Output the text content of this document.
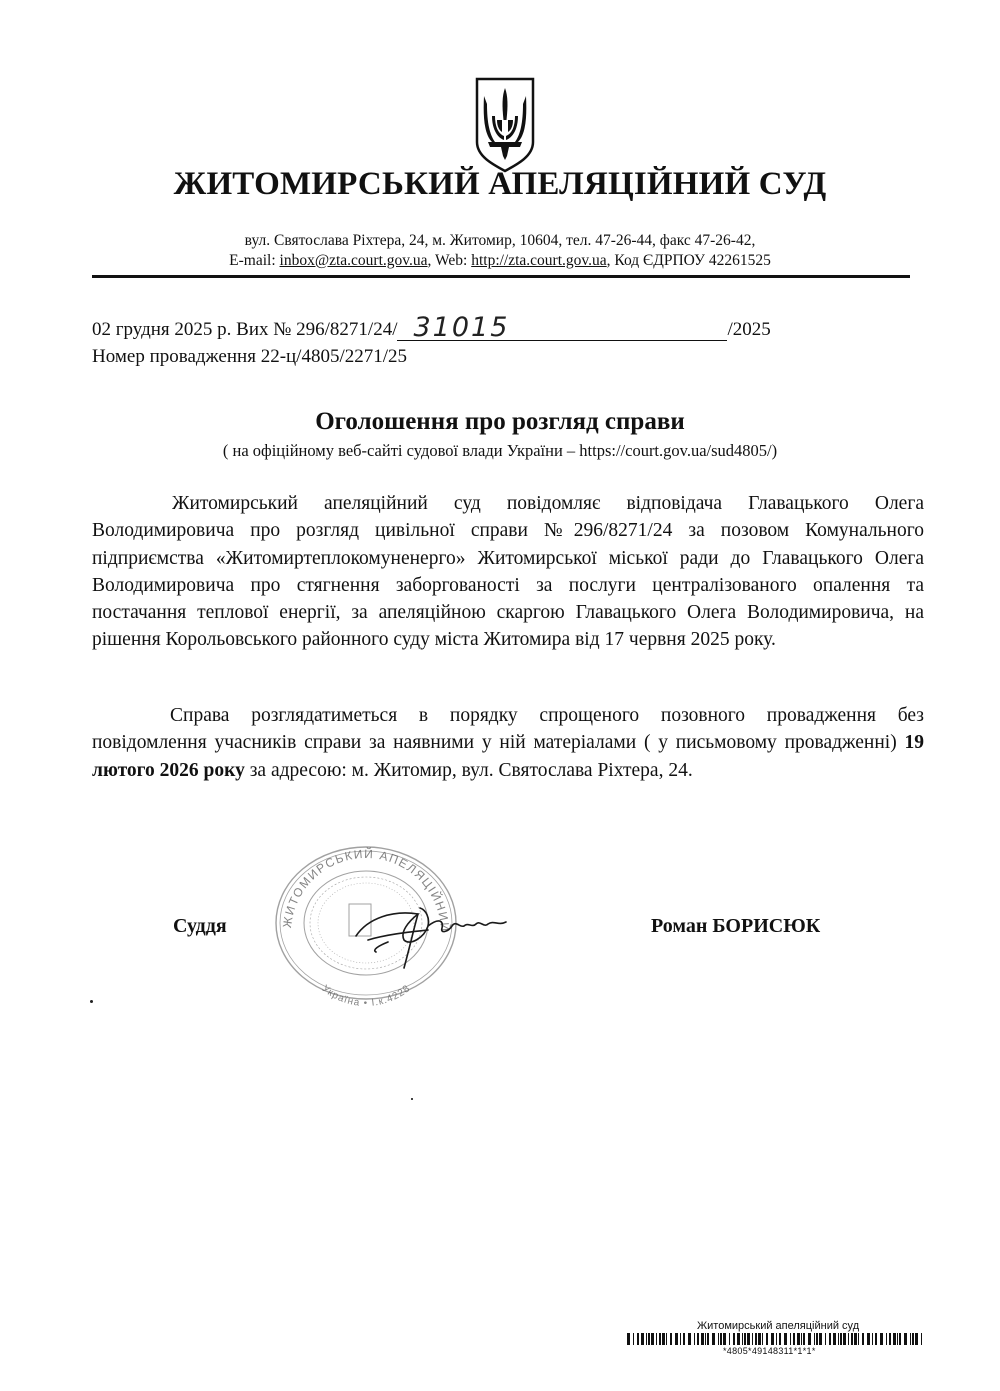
ЖИТОМИРСЬКИЙ АПЕЛЯЦІЙНИЙ СУД
вул. Святослава Ріхтера, 24, м. Житомир, 10604, тел. 47-26-44, факс 47-26-42,
E-mail: inbox@zta.court.gov.ua, Web: http://zta.court.gov.ua, Код ЄДРПОУ 42261525
02 грудня 2025 р. Вих № 296/8271/24/ 31015	/2025
Номер провадження 22-ц/4805/2271/25
Оголошення про розгляд справи
( на офіційному веб-сайті судової влади України – https://court.gov.ua/sud4805/)
Житомирський апеляційний суд повідомляє відповідача Главацького Олега Володимировича про розгляд цивільної справи №296/8271/24 за позовом Комунального підприємства «Житомиртеплокомуненерго» Житомирської міської ради до Главацького Олега Володимировича про стягнення заборгованості за послуги централізованого опалення та постачання теплової енергії, за апеляційною скаргою Главацького Олега Володимировича, на рішення Корольовського районного суду міста Житомира від 17 червня 2025 року.
Справа розглядатиметься в порядку спрощеного позовного провадження без повідомлення учасників справи за наявними у ній матеріалами ( у письмовому провадженні) 19 лютого 2026 року за адресою: м. Житомир, вул. Святослава Ріхтера, 24.
ЖИТОМИРСЬКИЙ АПЕЛЯЦІЙНИЙ
Україна • І.к.4228
Суддя	Роман БОРИСЮК
Житомирський апеляційний суд
*4805*49148311*1*1*
